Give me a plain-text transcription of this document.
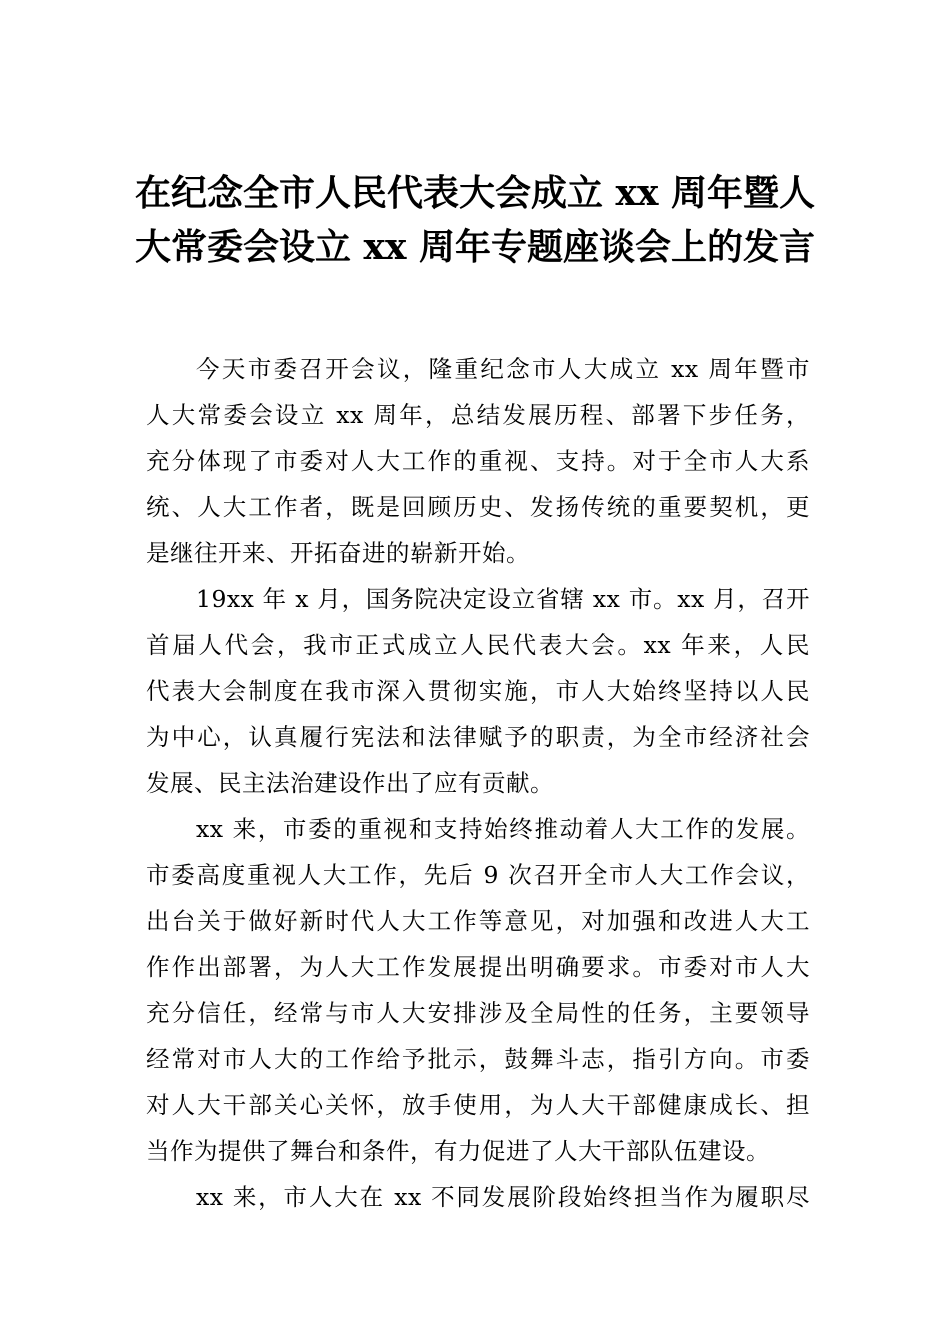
在纪念全市人民代表大会成立 xx 周年暨人
大常委会设立 xx 周年专题座谈会上的发言

今天市委召开会议，隆重纪念市人大成立 xx 周年暨市
人大常委会设立 xx 周年，总结发展历程、部署下步任务，
充分体现了市委对人大工作的重视、支持。对于全市人大系
统、人大工作者，既是回顾历史、发扬传统的重要契机，更
是继往开来、开拓奋进的崭新开始。

19xx 年 x 月，国务院决定设立省辖 xx 市。xx 月，召开
首届人代会，我市正式成立人民代表大会。xx 年来，人民
代表大会制度在我市深入贯彻实施，市人大始终坚持以人民
为中心，认真履行宪法和法律赋予的职责，为全市经济社会
发展、民主法治建设作出了应有贡献。

xx 来，市委的重视和支持始终推动着人大工作的发展。
市委高度重视人大工作，先后 9 次召开全市人大工作会议，
出台关于做好新时代人大工作等意见，对加强和改进人大工
作作出部署，为人大工作发展提出明确要求。市委对市人大
充分信任，经常与市人大安排涉及全局性的任务，主要领导
经常对市人大的工作给予批示，鼓舞斗志，指引方向。市委
对人大干部关心关怀，放手使用，为人大干部健康成长、担
当作为提供了舞台和条件，有力促进了人大干部队伍建设。

xx 来，市人大在 xx 不同发展阶段始终担当作为履职尽
